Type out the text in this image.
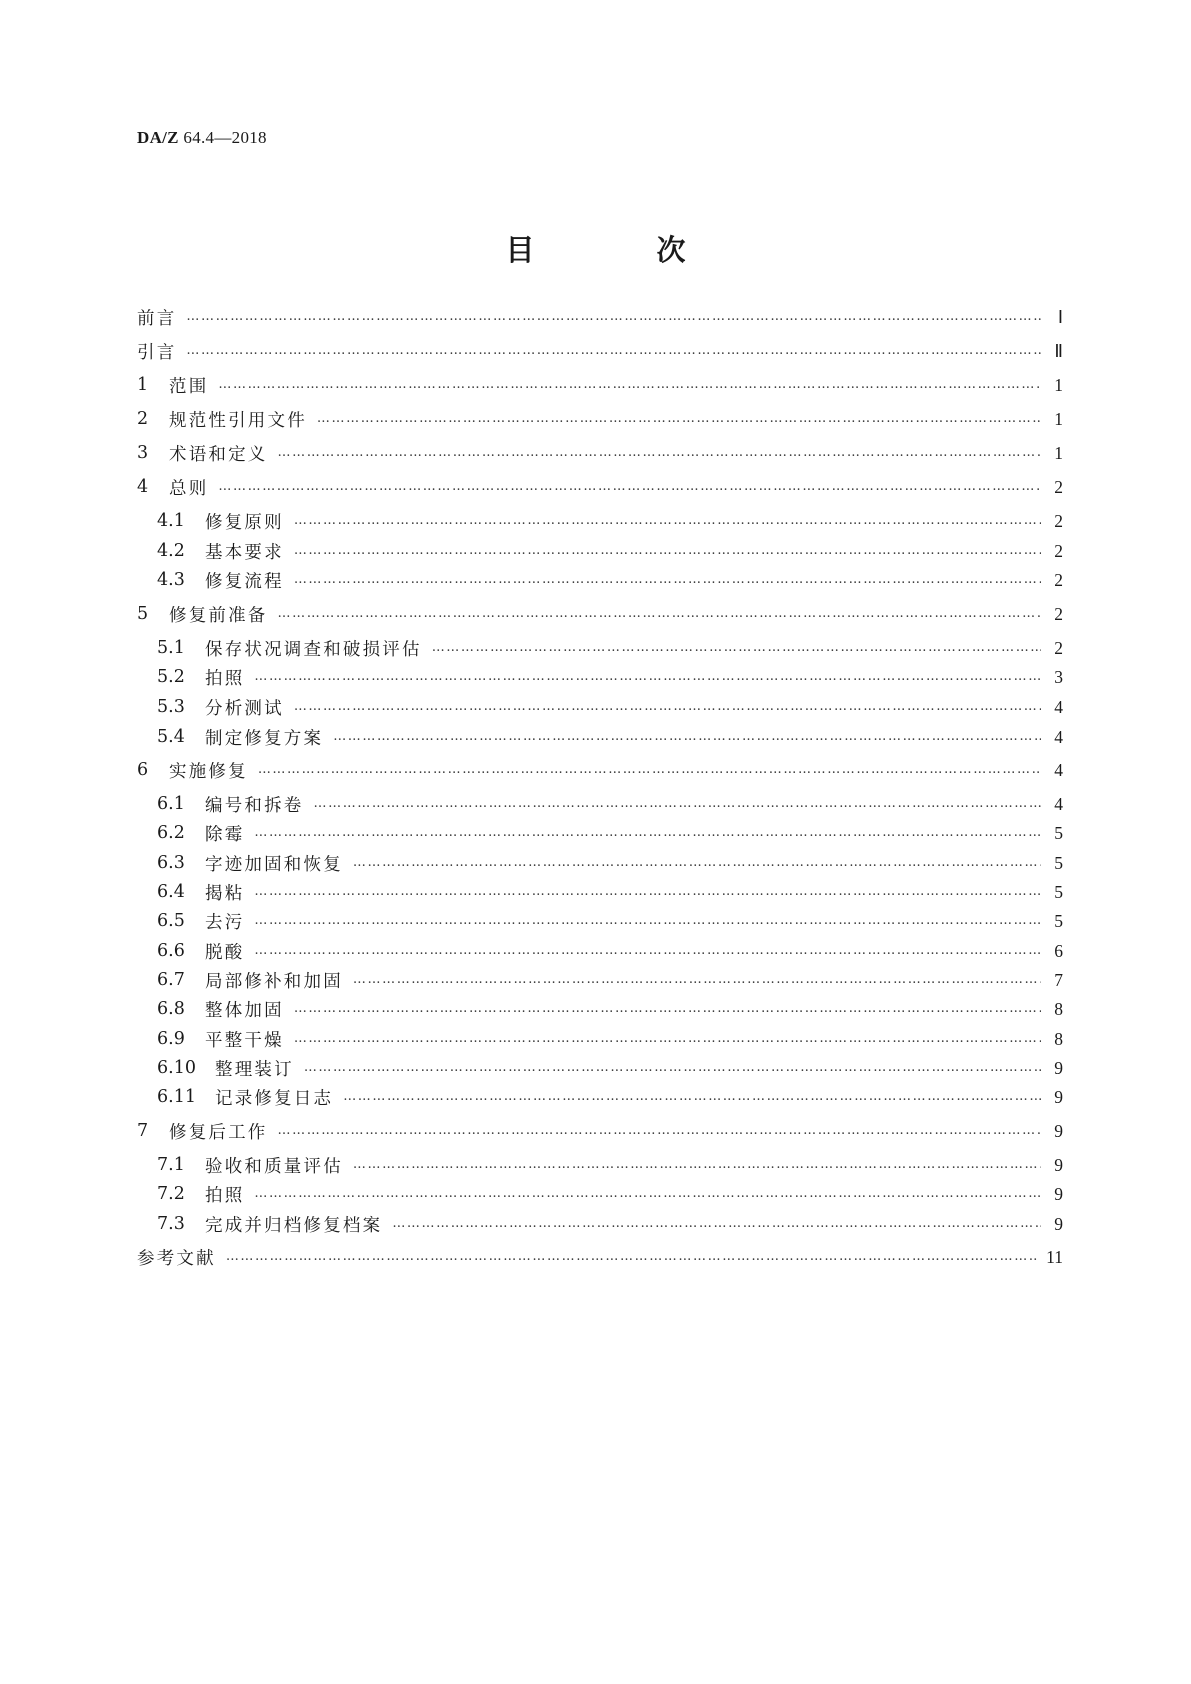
DA/Z 64.4—2018
目 次
前言 …………………………………………………………………………………………………………………………………………………………………………………………………………………………	Ⅰ
引言 …………………………………………………………………………………………………………………………………………………………………………………………………………………………	Ⅱ
1	范围 …………………………………………………………………………………………………………………………………………………………………………………………………………………………	1
2	规范性引用文件 …………………………………………………………………………………………………………………………………………………………………………………………………………………………	1
3	术语和定义 …………………………………………………………………………………………………………………………………………………………………………………………………………………………	1
4	总则 …………………………………………………………………………………………………………………………………………………………………………………………………………………………	2
4.1	修复原则 …………………………………………………………………………………………………………………………………………………………………………………………………………………………	2
4.2	基本要求 …………………………………………………………………………………………………………………………………………………………………………………………………………………………	2
4.3	修复流程 …………………………………………………………………………………………………………………………………………………………………………………………………………………………	2
5	修复前准备 …………………………………………………………………………………………………………………………………………………………………………………………………………………………	2
5.1	保存状况调查和破损评估 …………………………………………………………………………………………………………………………………………………………………………………………………………………………	2
5.2	拍照 …………………………………………………………………………………………………………………………………………………………………………………………………………………………	3
5.3	分析测试 …………………………………………………………………………………………………………………………………………………………………………………………………………………………	4
5.4	制定修复方案 …………………………………………………………………………………………………………………………………………………………………………………………………………………………	4
6	实施修复 …………………………………………………………………………………………………………………………………………………………………………………………………………………………	4
6.1	编号和拆卷 …………………………………………………………………………………………………………………………………………………………………………………………………………………………	4
6.2	除霉 …………………………………………………………………………………………………………………………………………………………………………………………………………………………	5
6.3	字迹加固和恢复 …………………………………………………………………………………………………………………………………………………………………………………………………………………………	5
6.4	揭粘 …………………………………………………………………………………………………………………………………………………………………………………………………………………………	5
6.5	去污 …………………………………………………………………………………………………………………………………………………………………………………………………………………………	5
6.6	脱酸 …………………………………………………………………………………………………………………………………………………………………………………………………………………………	6
6.7	局部修补和加固 …………………………………………………………………………………………………………………………………………………………………………………………………………………………	7
6.8	整体加固 …………………………………………………………………………………………………………………………………………………………………………………………………………………………	8
6.9	平整干燥 …………………………………………………………………………………………………………………………………………………………………………………………………………………………	8
6.10	整理装订 …………………………………………………………………………………………………………………………………………………………………………………………………………………………	9
6.11	记录修复日志 …………………………………………………………………………………………………………………………………………………………………………………………………………………………	9
7	修复后工作 …………………………………………………………………………………………………………………………………………………………………………………………………………………………	9
7.1	验收和质量评估 …………………………………………………………………………………………………………………………………………………………………………………………………………………………	9
7.2	拍照 …………………………………………………………………………………………………………………………………………………………………………………………………………………………	9
7.3	完成并归档修复档案 …………………………………………………………………………………………………………………………………………………………………………………………………………………………	9
参考文献 …………………………………………………………………………………………………………………………………………………………………………………………………………………………	11
